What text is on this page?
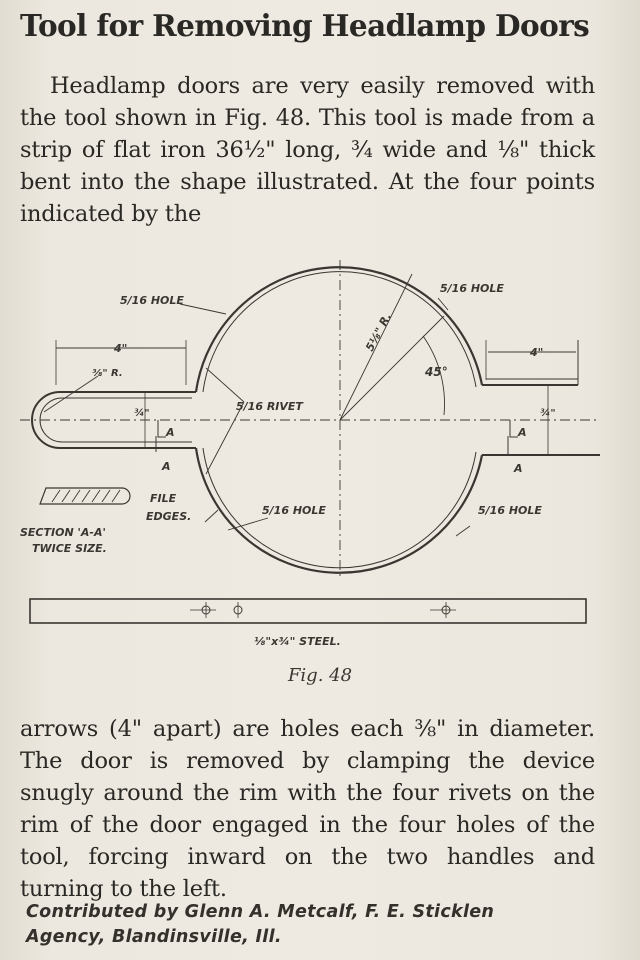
Tool for Removing Headlamp Doors

Headlamp doors are very easily removed with the tool shown in Fig. 48. This tool is made from a strip of flat iron 36½" long, ¾ wide and ⅛" thick bent into the shape illustrated. At the four points indicated by the

5/16 HOLE
5/16 HOLE
5/16 HOLE	5/16 HOLE
5/16 RIVET
5⅛" R.
45°
4"	4"
⅜" R.
¾"	¾"
A
A
A
A
FILE
EDGES.
SECTION 'A-A'
TWICE SIZE.
⅛"x¾" STEEL.
Fig. 48

arrows (4" apart) are holes each ⅜" in diameter. The door is removed by clamping the device snugly around the rim with the four rivets on the rim of the door engaged in the four holes of the tool, forcing inward on the two handles and turning to the left.

Contributed by Glenn A. Metcalf, F. E. Sticklen
Agency, Blandinsville, Ill.
